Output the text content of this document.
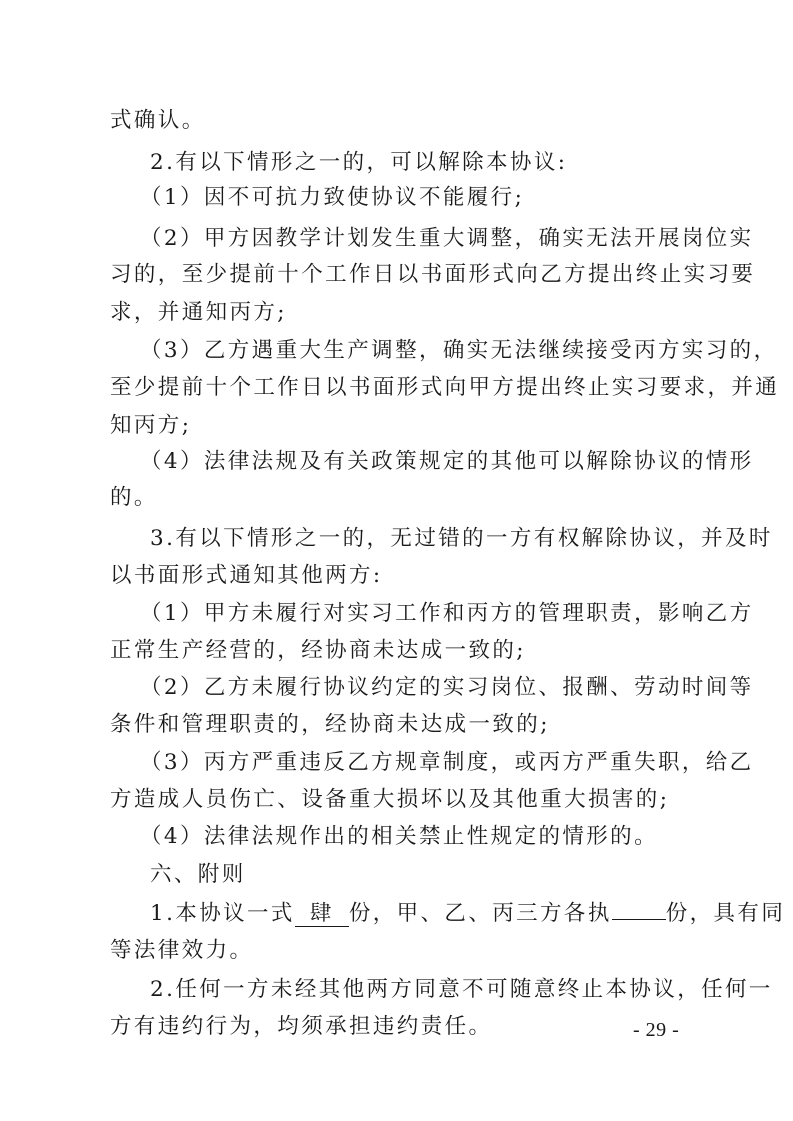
式确认。

2.有以下情形之一的，可以解除本协议:

（1）因不可抗力致使协议不能履行;

（2）甲方因教学计划发生重大调整，确实无法开展岗位实

习的，至少提前十个工作日以书面形式向乙方提出终止实习要

求，并通知丙方;

（3）乙方遇重大生产调整，确实无法继续接受丙方实习的，

至少提前十个工作日以书面形式向甲方提出终止实习要求，并通

知丙方;

（4）法律法规及有关政策规定的其他可以解除协议的情形

的。

3.有以下情形之一的，无过错的一方有权解除协议，并及时

以书面形式通知其他两方:

（1）甲方未履行对实习工作和丙方的管理职责，影响乙方

正常生产经营的，经协商未达成一致的;

（2）乙方未履行协议约定的实习岗位、报酬、劳动时间等

条件和管理职责的，经协商未达成一致的;

（3）丙方严重违反乙方规章制度，或丙方严重失职，给乙

方造成人员伤亡、设备重大损坏以及其他重大损害的;

（4）法律法规作出的相关禁止性规定的情形的。

六、附则

1.本协议一式 肆 份，甲、乙、丙三方各执	份，具有同

等法律效力。

2.任何一方未经其他两方同意不可随意终止本协议，任何一

方有违约行为，均须承担违约责任。	- 29 -
